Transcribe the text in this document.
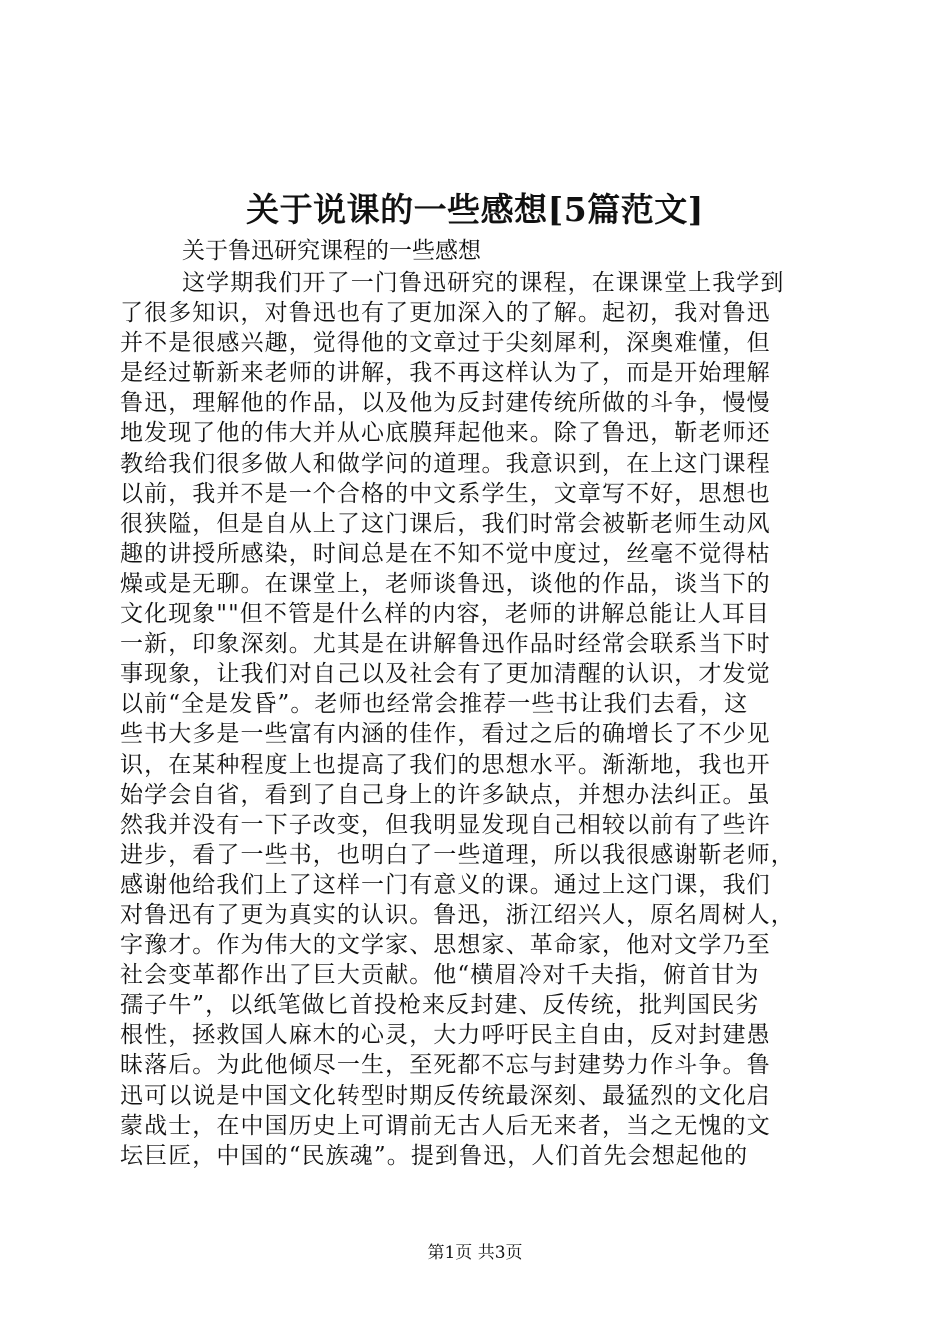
关于说课的一些感想[5篇范文]
关于鲁迅研究课程的一些感想
这学期我们开了一门鲁迅研究的课程，在课课堂上我学到
了很多知识，对鲁迅也有了更加深入的了解。起初，我对鲁迅
并不是很感兴趣，觉得他的文章过于尖刻犀利，深奥难懂，但
是经过靳新来老师的讲解，我不再这样认为了，而是开始理解
鲁迅，理解他的作品，以及他为反封建传统所做的斗争，慢慢
地发现了他的伟大并从心底膜拜起他来。除了鲁迅，靳老师还
教给我们很多做人和做学问的道理。我意识到，在上这门课程
以前，我并不是一个合格的中文系学生，文章写不好，思想也
很狭隘，但是自从上了这门课后，我们时常会被靳老师生动风
趣的讲授所感染，时间总是在不知不觉中度过，丝毫不觉得枯
燥或是无聊。在课堂上，老师谈鲁迅，谈他的作品，谈当下的
文化现象""但不管是什么样的内容，老师的讲解总能让人耳目
一新，印象深刻。尤其是在讲解鲁迅作品时经常会联系当下时
事现象，让我们对自己以及社会有了更加清醒的认识，才发觉
以前“全是发昏”。老师也经常会推荐一些书让我们去看，这
些书大多是一些富有内涵的佳作，看过之后的确增长了不少见
识，在某种程度上也提高了我们的思想水平。渐渐地，我也开
始学会自省，看到了自己身上的许多缺点，并想办法纠正。虽
然我并没有一下子改变，但我明显发现自己相较以前有了些许
进步，看了一些书，也明白了一些道理，所以我很感谢靳老师，
感谢他给我们上了这样一门有意义的课。通过上这门课，我们
对鲁迅有了更为真实的认识。鲁迅，浙江绍兴人，原名周树人，
字豫才。作为伟大的文学家、思想家、革命家，他对文学乃至
社会变革都作出了巨大贡献。他“横眉冷对千夫指，俯首甘为
孺子牛”，以纸笔做匕首投枪来反封建、反传统，批判国民劣
根性，拯救国人麻木的心灵，大力呼吁民主自由，反对封建愚
昧落后。为此他倾尽一生，至死都不忘与封建势力作斗争。鲁
迅可以说是中国文化转型时期反传统最深刻、最猛烈的文化启
蒙战士，在中国历史上可谓前无古人后无来者，当之无愧的文
坛巨匠，中国的“民族魂”。提到鲁迅，人们首先会想起他的
第1页 共3页
